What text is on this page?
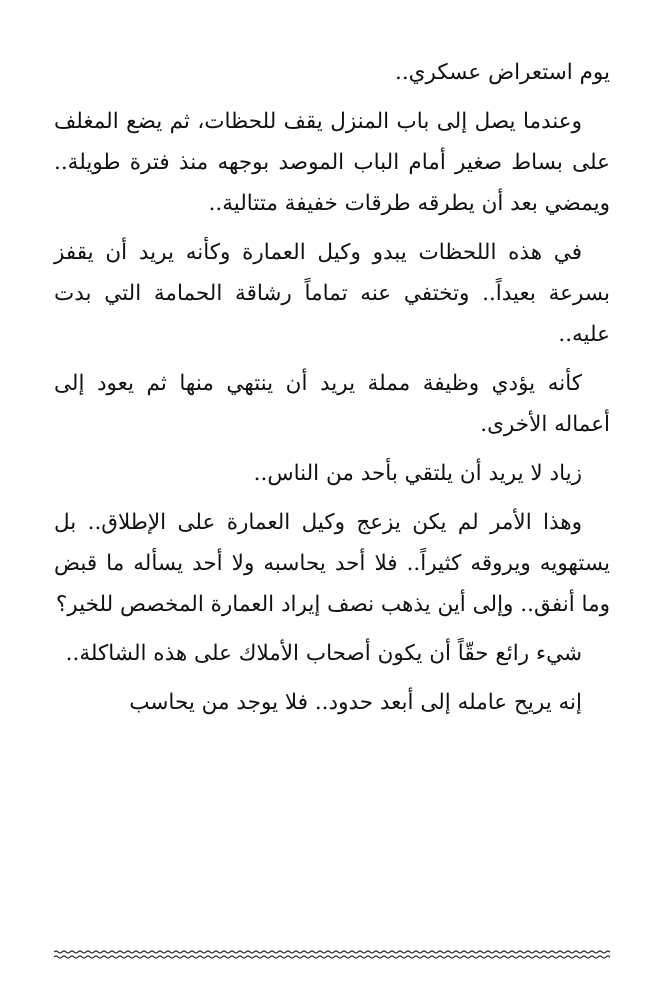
يوم استعراض عسكري..

وعندما يصل إلى باب المنزل يقف للحظات، ثم يضع المغلف على بساط صغير أمام الباب الموصد بوجهه منذ فترة طويلة.. ويمضي بعد أن يطرقه طرقات خفيفة متتالية..

في هذه اللحظات يبدو وكيل العمارة وكأنه يريد أن يقفز بسرعة بعيداً.. وتختفي عنه تماماً رشاقة الحمامة التي بدت عليه..

كأنه يؤدي وظيفة مملة يريد أن ينتهي منها ثم يعود إلى أعماله الأخرى.

زياد لا يريد أن يلتقي بأحد من الناس..

وهذا الأمر لم يكن يزعج وكيل العمارة على الإطلاق.. بل يستهويه ويروقه كثيراً.. فلا أحد يحاسبه ولا أحد يسأله ما قبض وما أنفق.. وإلى أين يذهب نصف إيراد العمارة المخصص للخير؟

شيء رائع حقّاً أن يكون أصحاب الأملاك على هذه الشاكلة..

إنه يريح عامله إلى أبعد حدود.. فلا يوجد من يحاسب
